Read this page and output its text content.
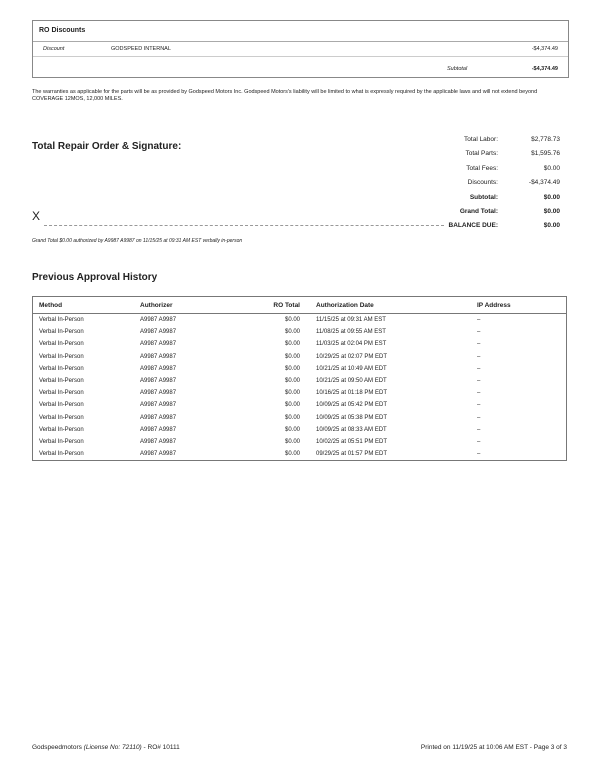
RO Discounts
Discount	GODSPEED INTERNAL	-$4,374.49
Subtotal	-$4,374.49
The warranties as applicable for the parts will be as provided by Godspeed Motors Inc. Godspeed Motors's liability will be limited to what is expressly required by the applicable laws and will not extend beyond COVERAGE 12MOS, 12,000 MILES.
Total Repair Order & Signature:
X
Grand Total $0.00 authorized by A9987 A9987 on 11/15/25 at 09:31 AM EST verbally in-person
Total Labor:	$2,778.73
Total Parts:	$1,595.76
Total Fees:	$0.00
Discounts:	-$4,374.49
Subtotal:	$0.00
Grand Total:	$0.00
BALANCE DUE:	$0.00
Previous Approval History
Method	Authorizer	RO Total	Authorization Date	IP Address
Verbal In-Person	A9987 A9987	$0.00	11/15/25 at 09:31 AM EST	–
Verbal In-Person	A9987 A9987	$0.00	11/08/25 at 09:55 AM EST	–
Verbal In-Person	A9987 A9987	$0.00	11/03/25 at 02:04 PM EST	–
Verbal In-Person	A9987 A9987	$0.00	10/29/25 at 02:07 PM EDT	–
Verbal In-Person	A9987 A9987	$0.00	10/21/25 at 10:49 AM EDT	–
Verbal In-Person	A9987 A9987	$0.00	10/21/25 at 09:50 AM EDT	–
Verbal In-Person	A9987 A9987	$0.00	10/16/25 at 01:18 PM EDT	–
Verbal In-Person	A9987 A9987	$0.00	10/09/25 at 05:42 PM EDT	–
Verbal In-Person	A9987 A9987	$0.00	10/09/25 at 05:38 PM EDT	–
Verbal In-Person	A9987 A9987	$0.00	10/09/25 at 08:33 AM EDT	–
Verbal In-Person	A9987 A9987	$0.00	10/02/25 at 05:51 PM EDT	–
Verbal In-Person	A9987 A9987	$0.00	09/29/25 at 01:57 PM EDT	–
Godspeedmotors (License No: 72110) - RO# 10111	Printed on 11/19/25 at 10:06 AM EST - Page 3 of 3
